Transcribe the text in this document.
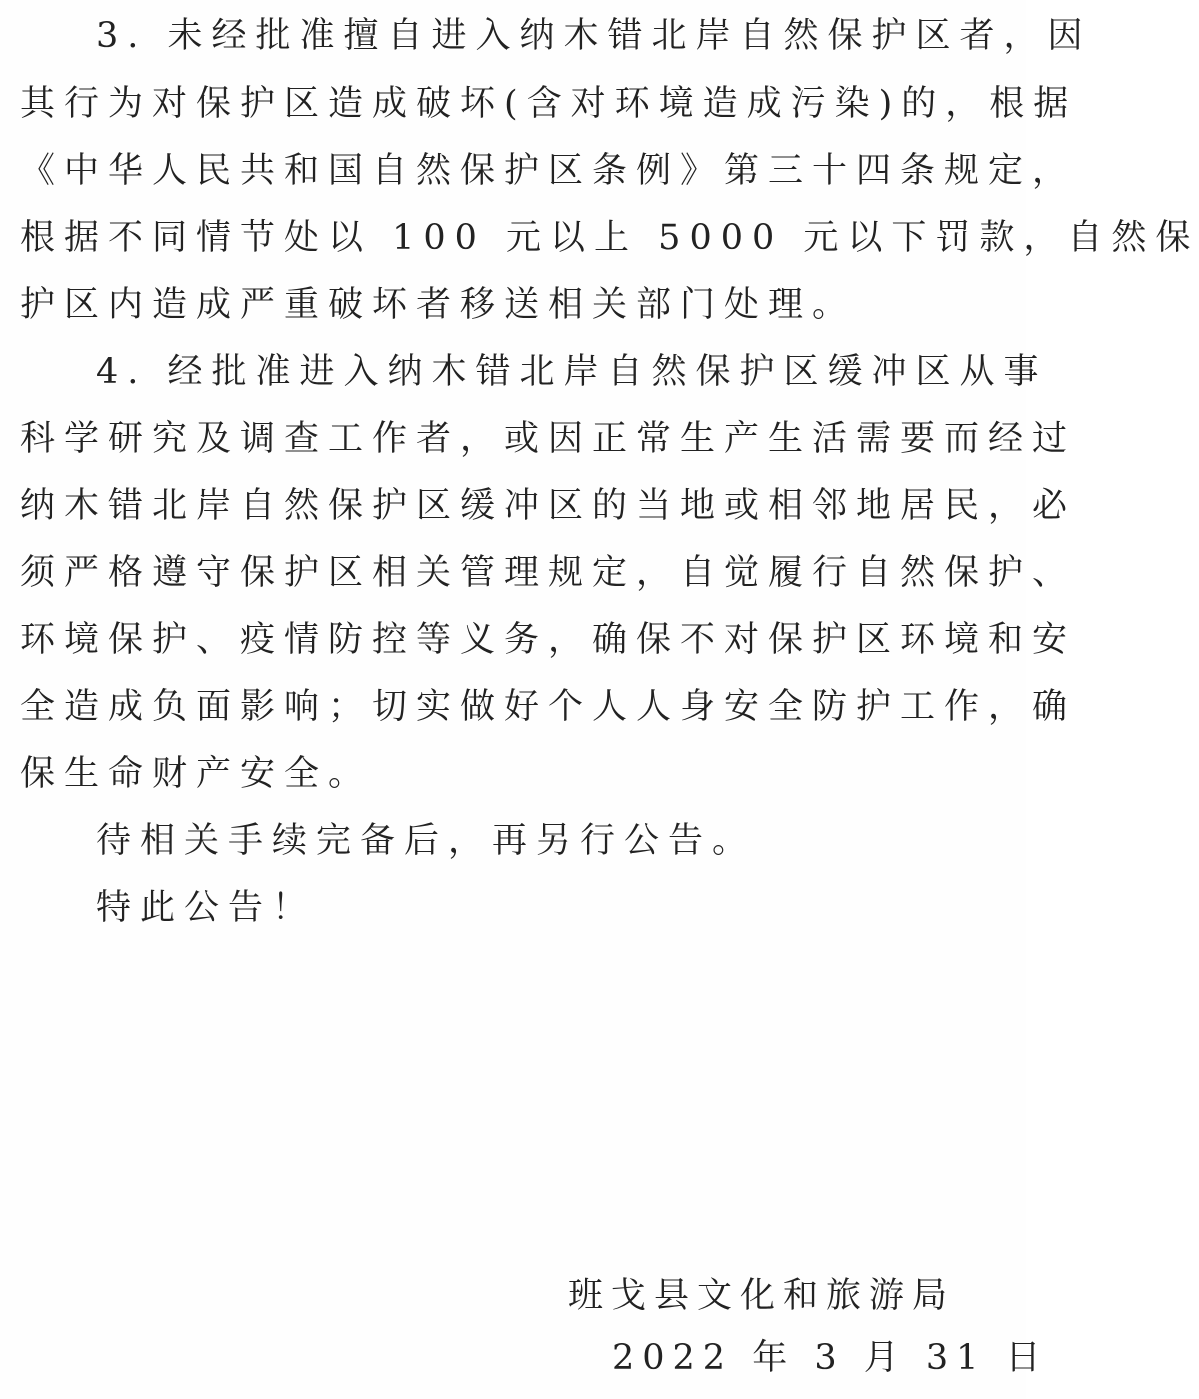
3. 未经批准擅自进入纳木错北岸自然保护区者，因
其行为对保护区造成破坏(含对环境造成污染)的，根据
《中华人民共和国自然保护区条例》第三十四条规定，
根据不同情节处以 100 元以上 5000 元以下罚款，自然保
护区内造成严重破坏者移送相关部门处理。
4. 经批准进入纳木错北岸自然保护区缓冲区从事
科学研究及调查工作者，或因正常生产生活需要而经过
纳木错北岸自然保护区缓冲区的当地或相邻地居民，必
须严格遵守保护区相关管理规定，自觉履行自然保护、
环境保护、疫情防控等义务，确保不对保护区环境和安
全造成负面影响；切实做好个人人身安全防护工作，确
保生命财产安全。
待相关手续完备后，再另行公告。
特此公告！
班戈县文化和旅游局
2022 年 3 月 31 日
